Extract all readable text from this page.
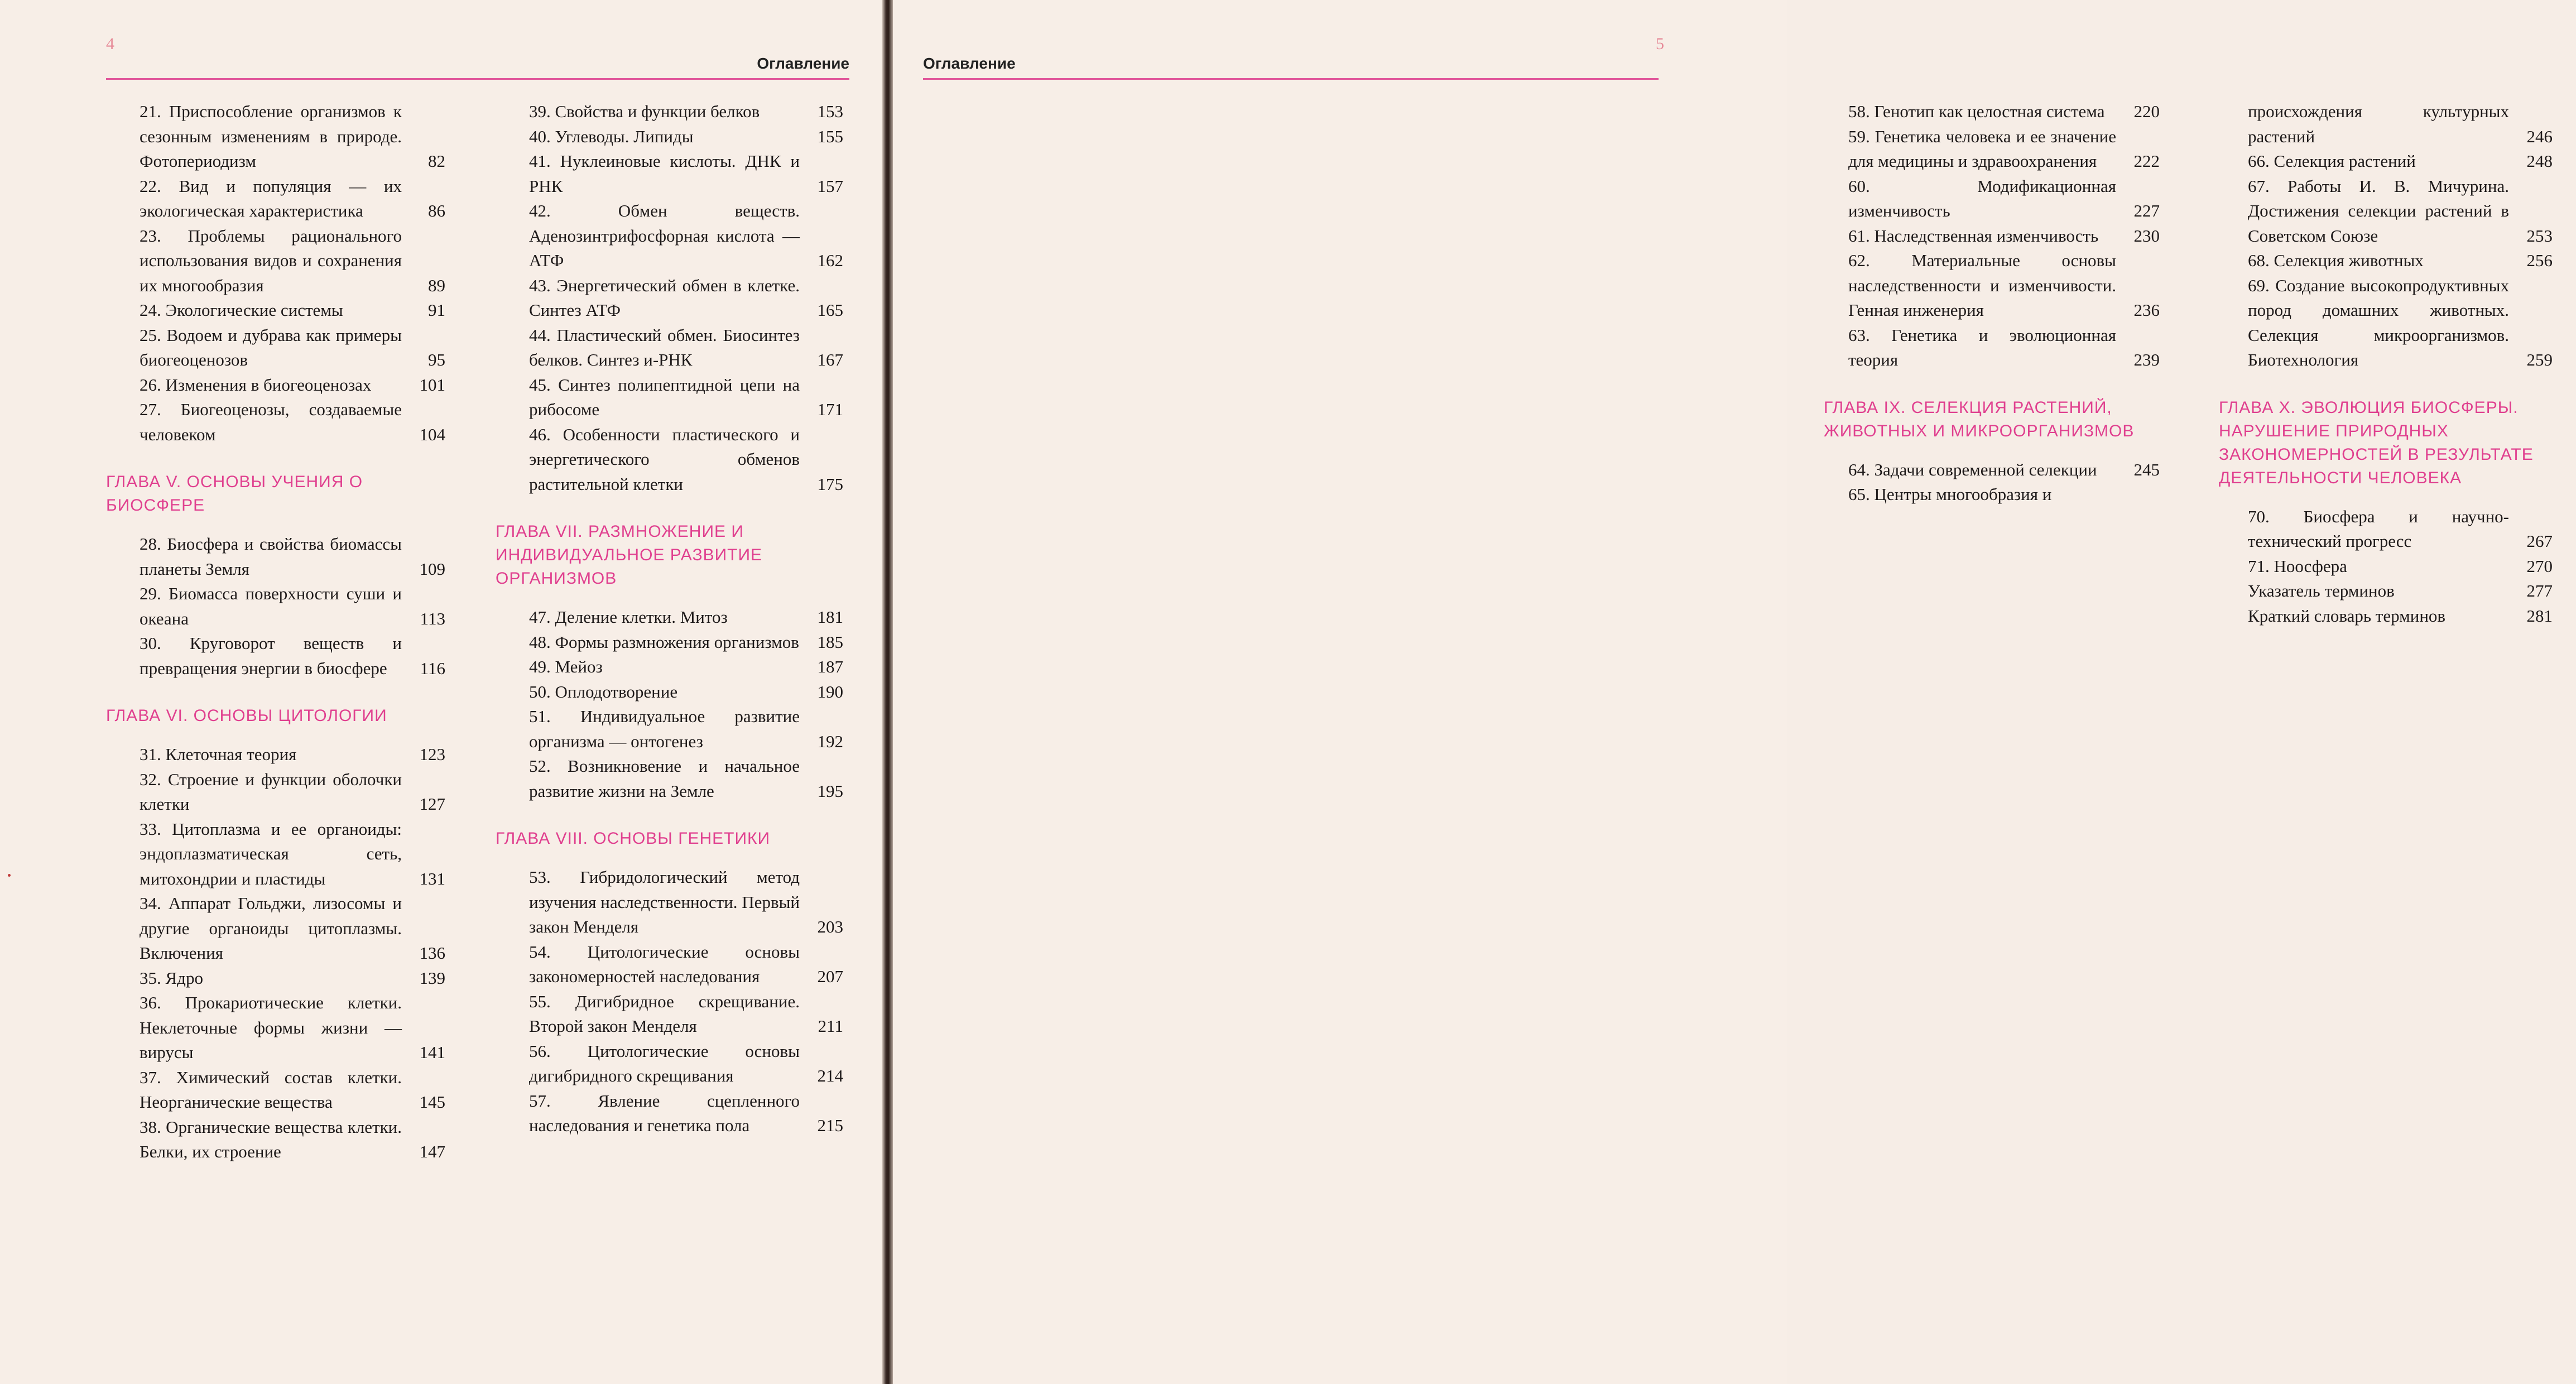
4
Оглавление
21. Приспособление организмов к сезонным изменениям в природе. Фотопериодизм	82
22. Вид и популяция — их экологическая характеристика	86
23. Проблемы рационального использования видов и сохранения их многообразия	89
24. Экологические системы	91
25. Водоем и дубрава как примеры биогеоценозов	95
26. Изменения в биогеоценозах	101
27. Биогеоценозы, создаваемые человеком	104
ГЛАВА V. ОСНОВЫ УЧЕНИЯ О БИОСФЕРЕ
28. Биосфера и свойства биомассы планеты Земля	109
29. Биомасса поверхности суши и океана	113
30. Круговорот веществ и превращения энергии в биосфере	116
ГЛАВА VI. ОСНОВЫ ЦИТОЛОГИИ
31. Клеточная теория	123
32. Строение и функции оболочки клетки	127
33. Цитоплазма и ее органоиды: эндоплазматическая сеть, митохондрии и пластиды	131
34. Аппарат Гольджи, лизосомы и другие органоиды цитоплазмы. Включения	136
35. Ядро	139
36. Прокариотические клетки. Неклеточные формы жизни — вирусы	141
37. Химический состав клетки. Неорганические вещества	145
38. Органические вещества клетки. Белки, их строение	147
39. Свойства и функции белков	153
40. Углеводы. Липиды	155
41. Нуклеиновые кислоты. ДНК и РНК	157
42. Обмен веществ. Аденозинтрифосфорная кислота — АТФ	162
43. Энергетический обмен в клетке. Синтез АТФ	165
44. Пластический обмен. Биосинтез белков. Синтез и-РНК	167
45. Синтез полипептидной цепи на рибосоме	171
46. Особенности пластического и энергетического обменов растительной клетки	175
ГЛАВА VII. РАЗМНОЖЕНИЕ И ИНДИВИДУАЛЬНОЕ РАЗВИТИЕ ОРГАНИЗМОВ
47. Деление клетки. Митоз	181
48. Формы размножения организмов	185
49. Мейоз	187
50. Оплодотворение	190
51. Индивидуальное развитие организма — онтогенез	192
52. Возникновение и начальное развитие жизни на Земле	195
ГЛАВА VIII. ОСНОВЫ ГЕНЕТИКИ
53. Гибридологический метод изучения наследственности. Первый закон Менделя	203
54. Цитологические основы закономерностей наследования	207
55. Дигибридное скрещивание. Второй закон Менделя	211
56. Цитологические основы дигибридного скрещивания	214
57. Явление сцепленного наследования и генетика пола	215
5
Оглавление
58. Генотип как целостная система	220
59. Генетика человека и ее значение для медицины и здравоохранения	222
60. Модификационная изменчивость	227
61. Наследственная изменчивость	230
62. Материальные основы наследственности и изменчивости. Генная инженерия	236
63. Генетика и эволюционная теория	239
ГЛАВА IX. СЕЛЕКЦИЯ РАСТЕНИЙ, ЖИВОТНЫХ И МИКРООРГАНИЗМОВ
64. Задачи современной селекции	245
65. Центры многообразия и
происхождения культурных растений	246
66. Селекция растений	248
67. Работы И. В. Мичурина. Достижения селекции растений в Советском Союзе	253
68. Селекция животных	256
69. Создание высокопродуктивных пород домашних животных. Селекция микроорганизмов. Биотехнология	259
ГЛАВА X. ЭВОЛЮЦИЯ БИОСФЕРЫ. НАРУШЕНИЕ ПРИРОДНЫХ ЗАКОНОМЕРНОСТЕЙ В РЕЗУЛЬТАТЕ ДЕЯТЕЛЬНОСТИ ЧЕЛОВЕКА
70. Биосфера и научно-технический прогресс	267
71. Ноосфера	270
Указатель терминов	277
Краткий словарь терминов	281
